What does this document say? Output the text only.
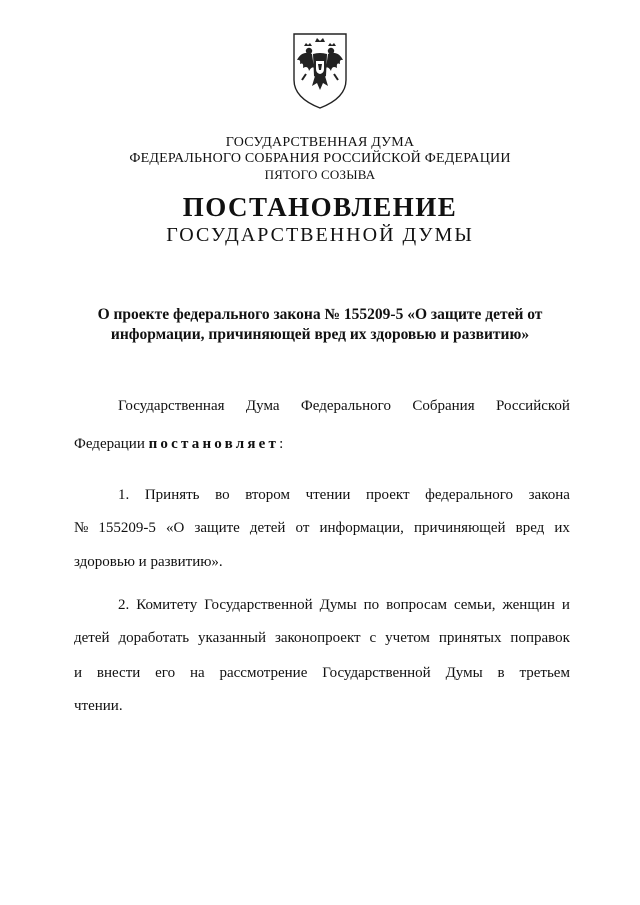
ГОСУДАРСТВЕННАЯ ДУМА
ФЕДЕРАЛЬНОГО СОБРАНИЯ РОССИЙСКОЙ ФЕДЕРАЦИИ
ПЯТОГО СОЗЫВА
ПОСТАНОВЛЕНИЕ
ГОСУДАРСТВЕННОЙ ДУМЫ
О проекте федерального закона № 155209-5 «О защите детей от
информации, причиняющей вред их здоровью и развитию»
Государственная Дума Федерального Собрания Российской
Федерации постановляет:
1. Принять во втором чтении проект федерального закона
№ 155209-5 «О защите детей от информации, причиняющей вред их
здоровью и развитию».
2. Комитету Государственной Думы по вопросам семьи, женщин и
детей доработать указанный законопроект с учетом принятых поправок
и внести его на рассмотрение Государственной Думы в третьем
чтении.
